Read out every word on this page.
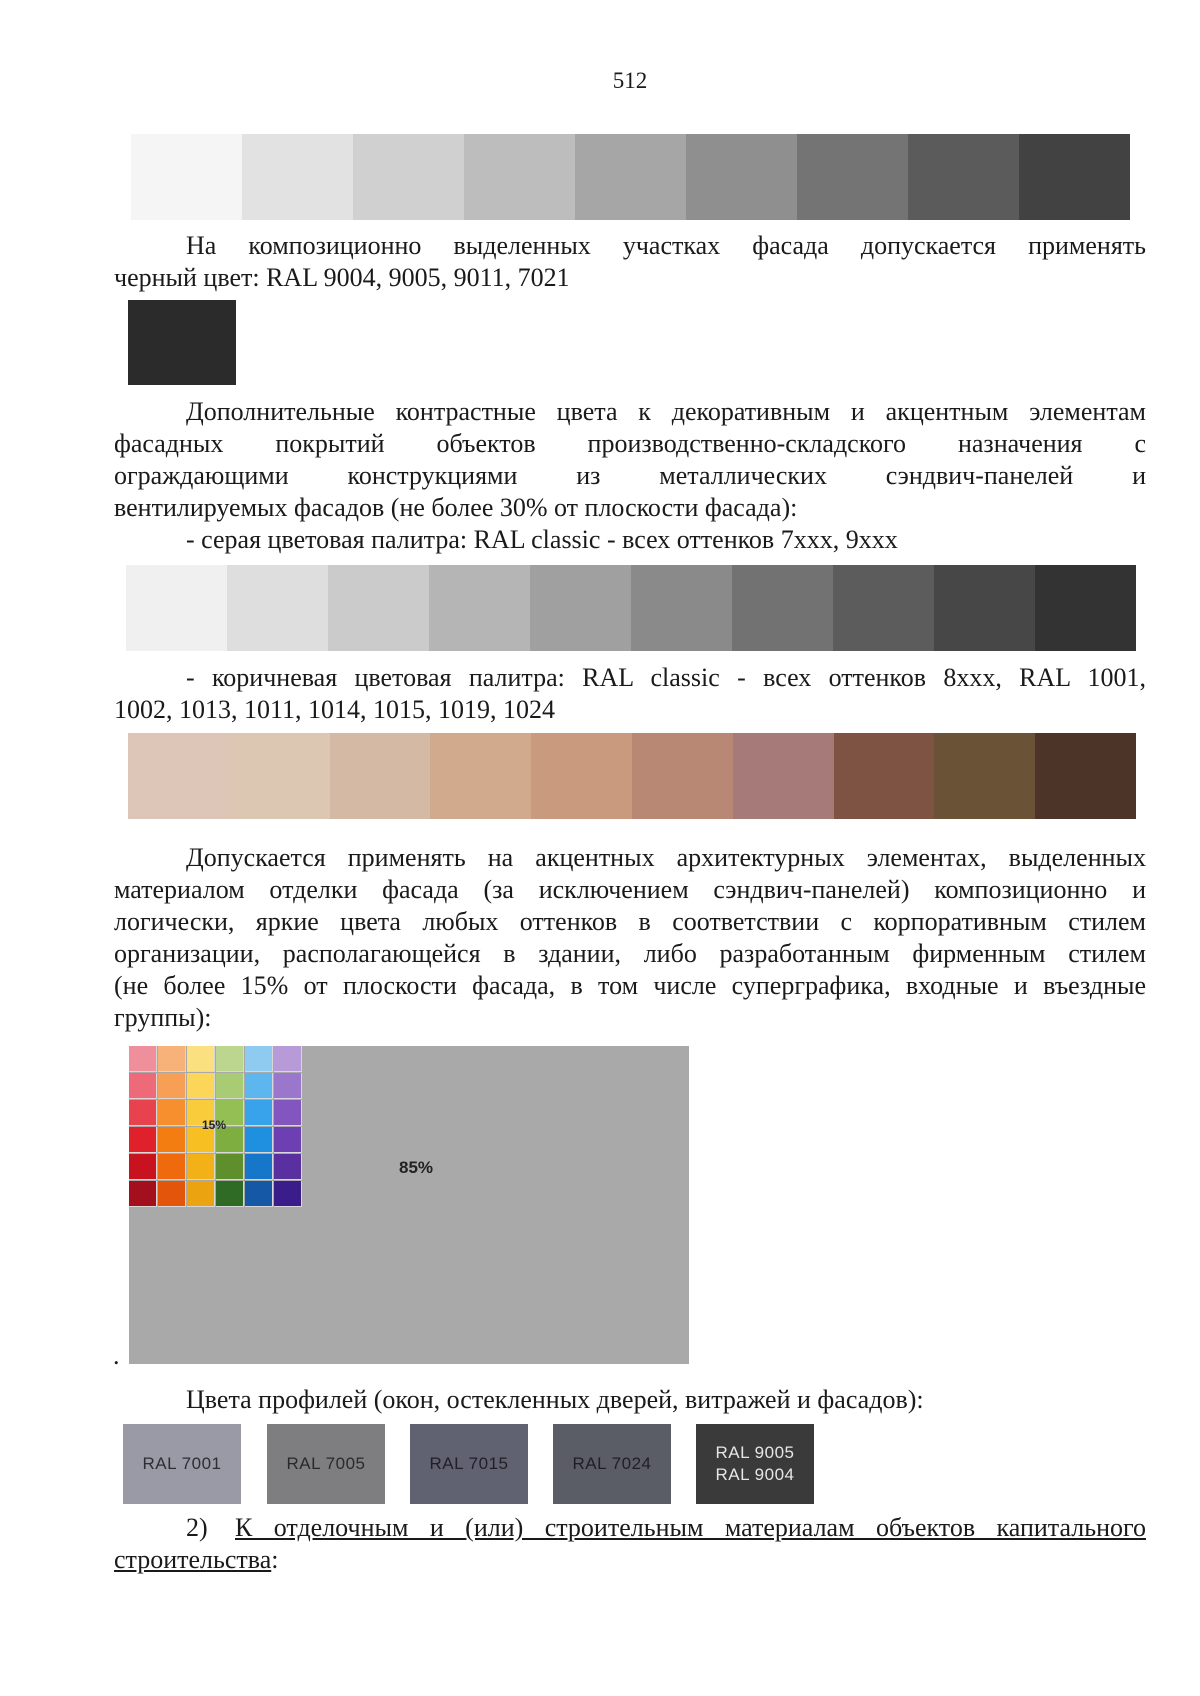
512
На композиционно выделенных участках фасада допускается применять
черный цвет: RAL 9004, 9005, 9011, 7021
Дополнительные контрастные цвета к декоративным и акцентным элементам
фасадных покрытий объектов производственно-складского назначения с
ограждающими конструкциями из металлических сэндвич-панелей и
вентилируемых фасадов (не более 30% от плоскости фасада):
- серая цветовая палитра: RAL classic - всех оттенков 7xxx, 9xxx
- коричневая цветовая палитра: RAL classic - всех оттенков 8xxx, RAL 1001,
1002, 1013, 1011, 1014, 1015, 1019, 1024
Допускается применять на акцентных архитектурных элементах, выделенных
материалом отделки фасада (за исключением сэндвич-панелей) композиционно и
логически, яркие цвета любых оттенков в соответствии с корпоративным стилем
организации, располагающейся в здании, либо разработанным фирменным стилем
(не более 15% от плоскости фасада, в том числе суперграфика, входные и въездные
группы):
15%
85%
.
Цвета профилей (окон, остекленных дверей, витражей и фасадов):
RAL 7001	RAL 7005	RAL 7015	RAL 7024
RAL 9005
RAL 9004
2) К отделочным и (или) строительным материалам объектов капитального
строительства:
